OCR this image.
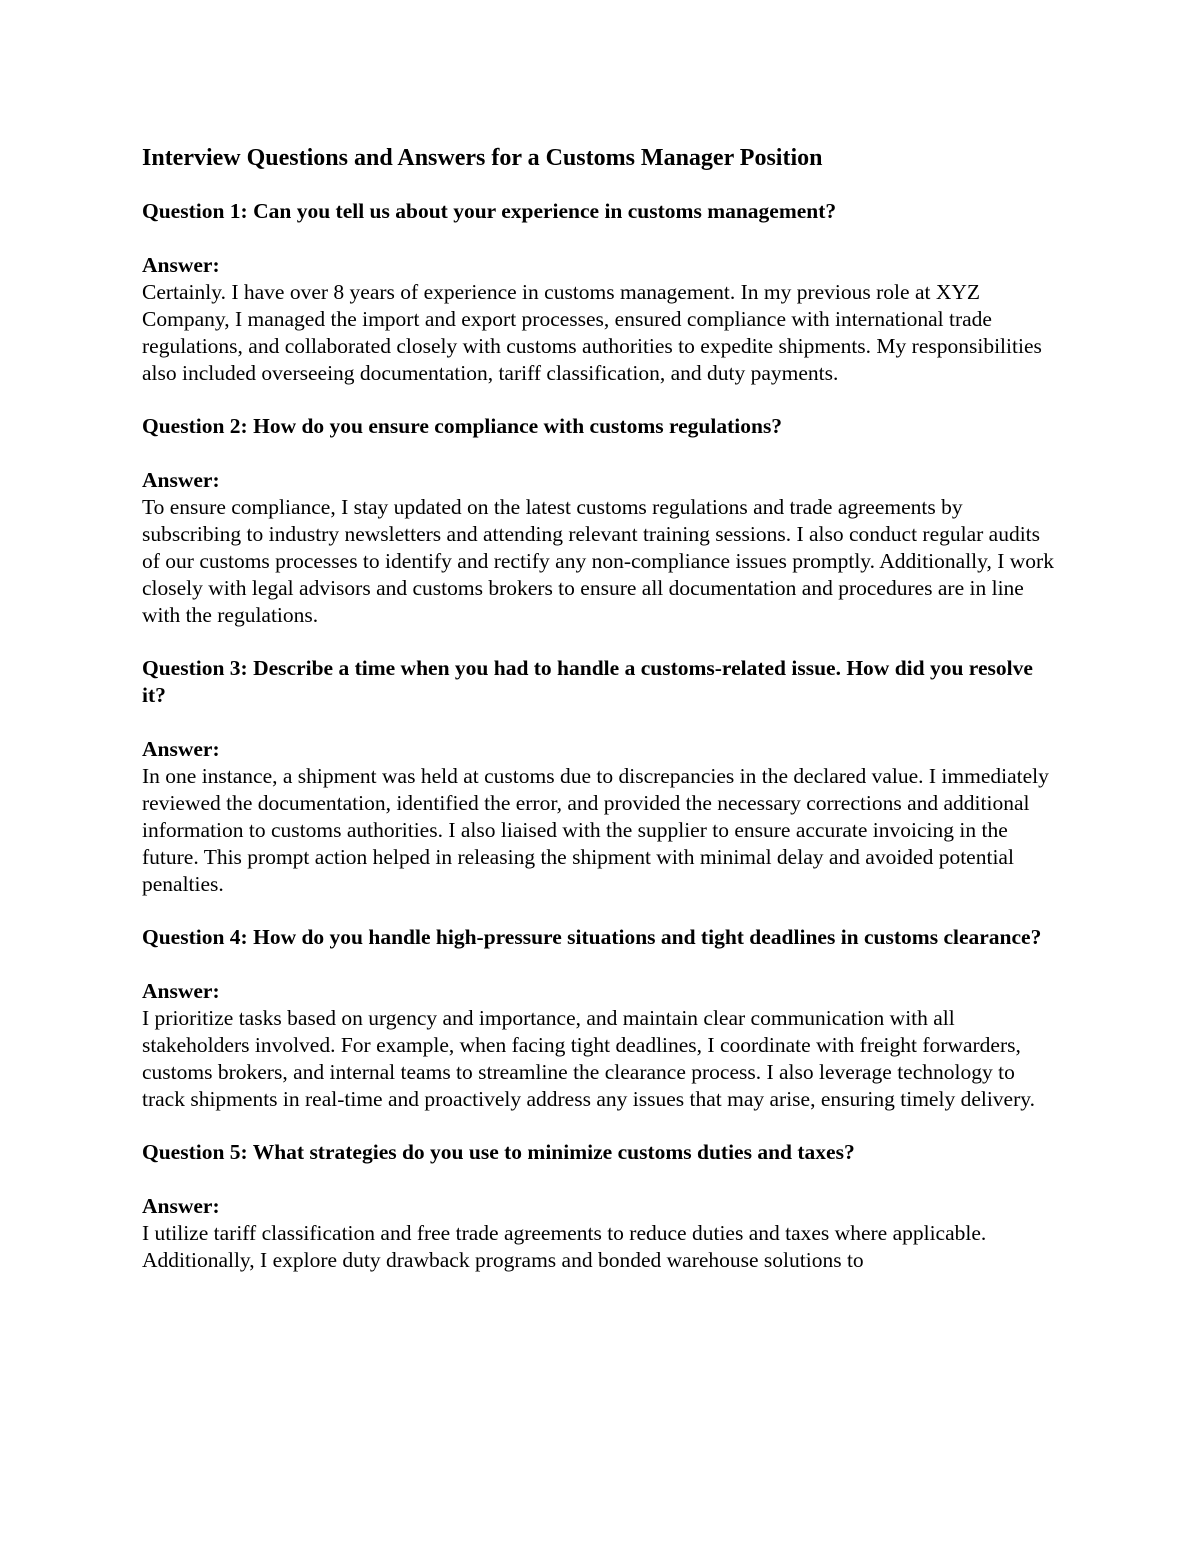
Interview Questions and Answers for a Customs Manager Position
Question 1: Can you tell us about your experience in customs management?
Answer:
Certainly. I have over 8 years of experience in customs management. In my previous role at XYZ Company, I managed the import and export processes, ensured compliance with international trade regulations, and collaborated closely with customs authorities to expedite shipments. My responsibilities also included overseeing documentation, tariff classification, and duty payments.
Question 2: How do you ensure compliance with customs regulations?
Answer:
To ensure compliance, I stay updated on the latest customs regulations and trade agreements by subscribing to industry newsletters and attending relevant training sessions. I also conduct regular audits of our customs processes to identify and rectify any non-compliance issues promptly. Additionally, I work closely with legal advisors and customs brokers to ensure all documentation and procedures are in line with the regulations.
Question 3: Describe a time when you had to handle a customs-related issue. How did you resolve it?
Answer:
In one instance, a shipment was held at customs due to discrepancies in the declared value. I immediately reviewed the documentation, identified the error, and provided the necessary corrections and additional information to customs authorities. I also liaised with the supplier to ensure accurate invoicing in the future. This prompt action helped in releasing the shipment with minimal delay and avoided potential penalties.
Question 4: How do you handle high-pressure situations and tight deadlines in customs clearance?
Answer:
I prioritize tasks based on urgency and importance, and maintain clear communication with all stakeholders involved. For example, when facing tight deadlines, I coordinate with freight forwarders, customs brokers, and internal teams to streamline the clearance process. I also leverage technology to track shipments in real-time and proactively address any issues that may arise, ensuring timely delivery.
Question 5: What strategies do you use to minimize customs duties and taxes?
Answer:
I utilize tariff classification and free trade agreements to reduce duties and taxes where applicable. Additionally, I explore duty drawback programs and bonded warehouse solutions to
